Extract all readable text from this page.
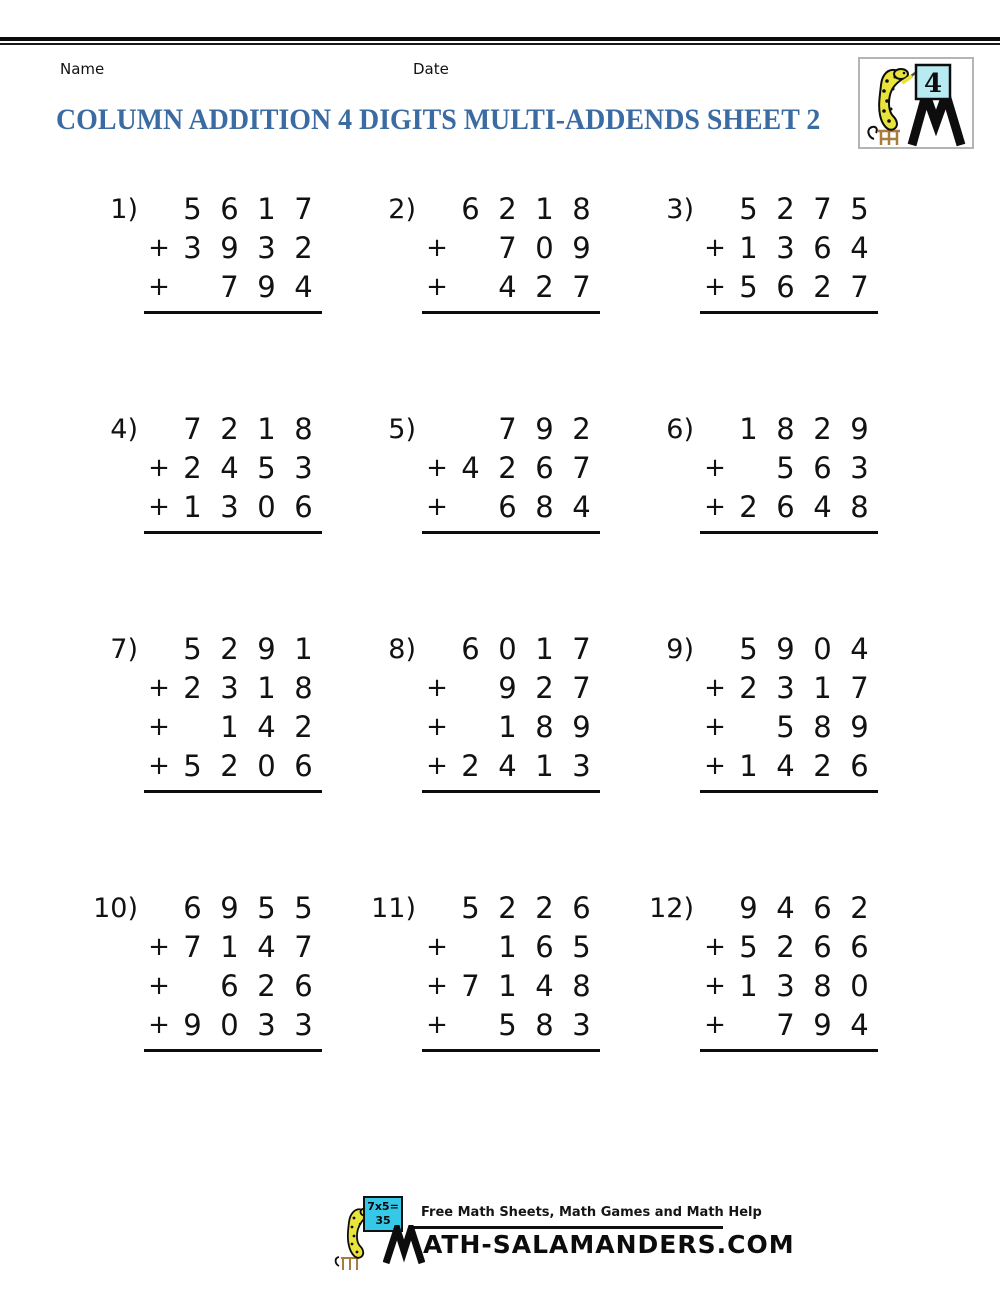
Name	Date	4
COLUMN ADDITION 4 DIGITS MULTI-ADDENDS SHEET 2
1)	5 6 1 7
+ 3 9 3 2
+	7 9 4
2)	6 2 1 8
+	7 0 9
+	4 2 7
3)	5 2 7 5
+ 1 3 6 4
+ 5 6 2 7
4)	7 2 1 8
+ 2 4 5 3
+ 1 3 0 6
5)	7 9 2
+ 4 2 6 7
+	6 8 4
6)	1 8 2 9
+	5 6 3
+ 2 6 4 8
7)	5 2 9 1
+ 2 3 1 8
+	1 4 2
+ 5 2 0 6
8)	6 0 1 7
+	9 2 7
+	1 8 9
+ 2 4 1 3
9)	5 9 0 4
+ 2 3 1 7
+	5 8 9
+ 1 4 2 6
10)	6 9 5 5
+ 7 1 4 7
+	6 2 6
+ 9 0 3 3
11)	5 2 2 6
+	1 6 5
+ 7 1 4 8
+	5 8 3
12)	9 4 6 2
+ 5 2 6 6
+ 1 3 8 0
+	7 9 4
7x5=
35
Free Math Sheets, Math Games and Math Help
ATH-SALAMANDERS.COM
